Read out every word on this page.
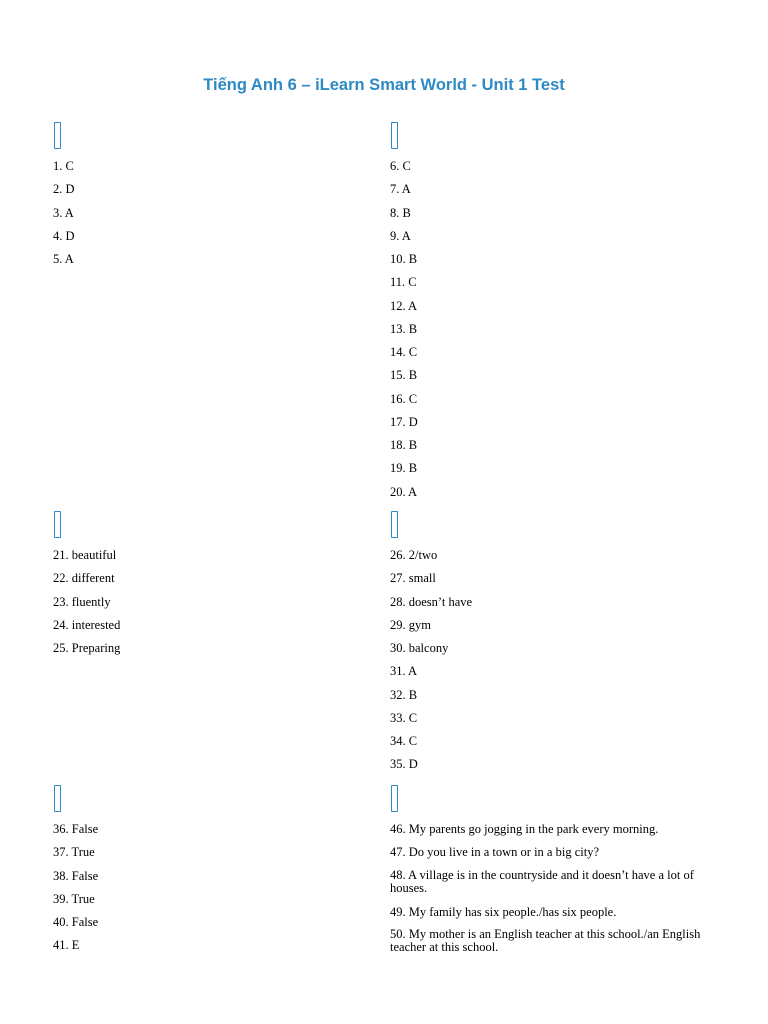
Tiếng Anh 6 – iLearn Smart World - Unit 1 Test
1. C
2. D
3. A
4. D
5. A
6. C
7. A
8. B
9. A
10. B
11. C
12. A
13. B
14. C
15. B
16. C
17. D
18. B
19. B
20. A
21. beautiful
22. different
23. fluently
24. interested
25. Preparing
26. 2/two
27. small
28. doesn’t have
29. gym
30. balcony
31. A
32. B
33. C
34. C
35. D
36. False
37. True
38. False
39. True
40. False
41. E
46. My parents go jogging in the park every morning.
47. Do you live in a town or in a big city?
48. A village is in the countryside and it doesn’t have a lot of houses.
49. My family has six people./has six people.
50. My mother is an English teacher at this school./an English teacher at this school.
